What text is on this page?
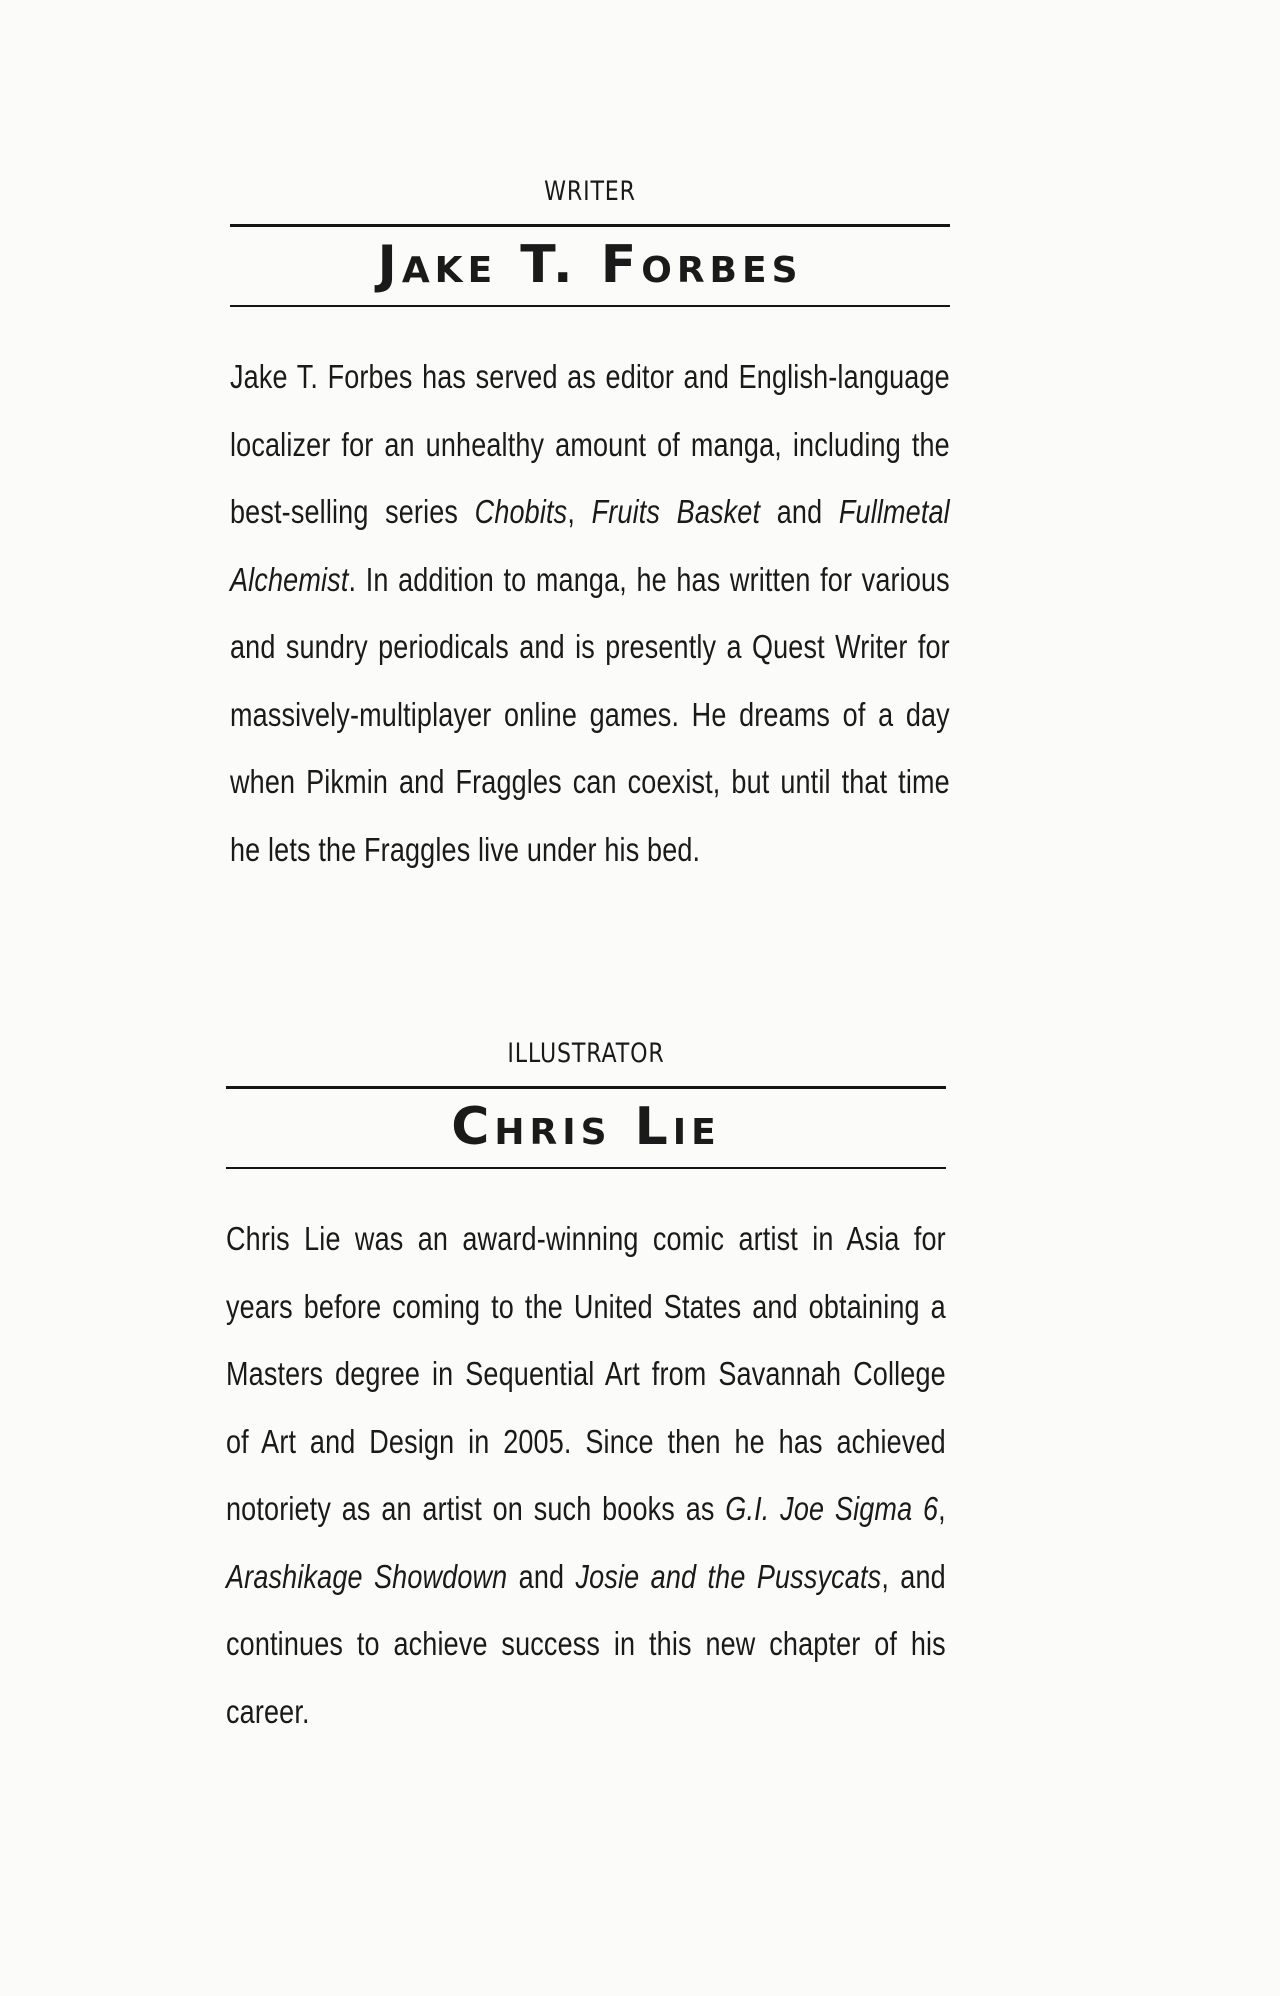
WRITER
Jake T. Forbes
Jake T. Forbes has served as editor and English-language localizer for an unhealthy amount of manga, including the best-selling series Chobits, Fruits Basket and Fullmetal Alchemist. In addition to manga, he has written for various and sundry periodicals and is presently a Quest Writer for massively-multiplayer online games. He dreams of a day when Pikmin and Fraggles can coexist, but until that time he lets the Fraggles live under his bed.
ILLUSTRATOR
Chris Lie
Chris Lie was an award-winning comic artist in Asia for years before coming to the United States and obtaining a Masters degree in Sequential Art from Savannah College of Art and Design in 2005. Since then he has achieved notoriety as an artist on such books as G.I. Joe Sigma 6, Arashikage Showdown and Josie and the Pussycats, and continues to achieve success in this new chapter of his career.
